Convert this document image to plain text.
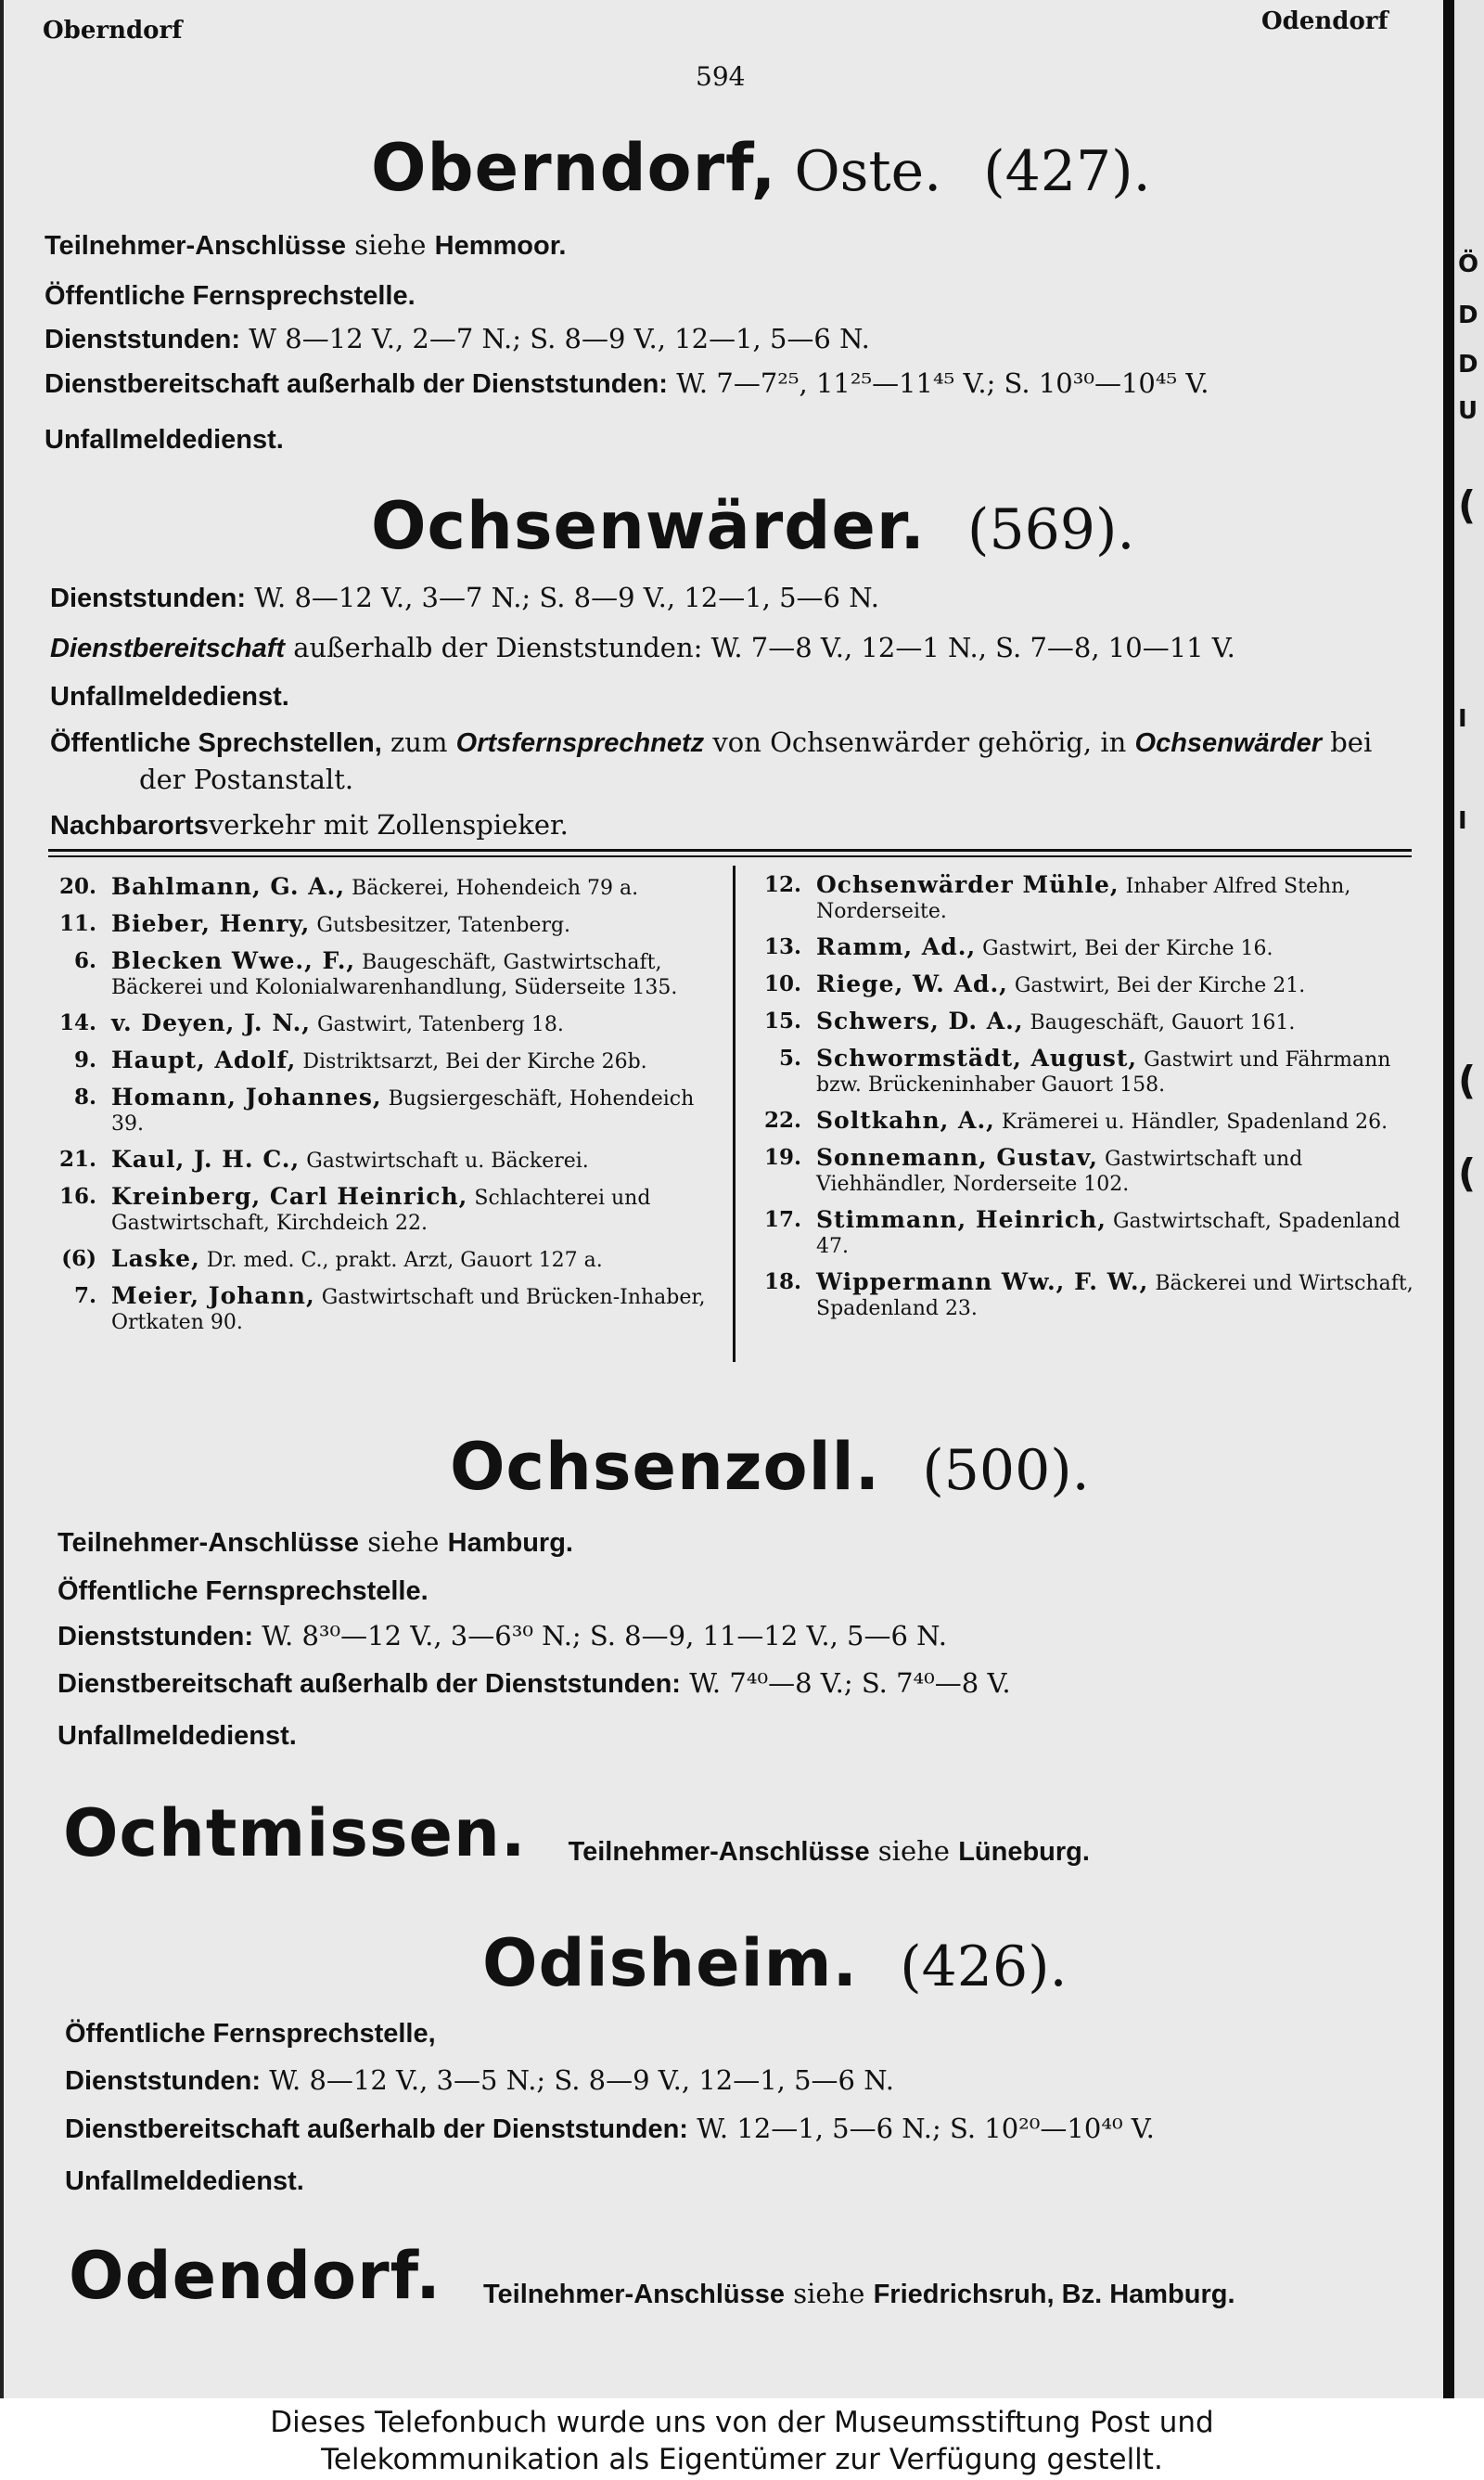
Ö
D
D
U
(
(
I
I
(
Oberndorf	Odendorf
594
Oberndorf, Oste. (427).
Teilnehmer-Anschlüsse siehe Hemmoor.
Öffentliche Fernsprechstelle.
Dienststunden: W 8—12 V., 2—7 N.; S. 8—9 V., 12—1, 5—6 N.
Dienstbereitschaft außerhalb der Dienststunden: W. 7—7²⁵, 11²⁵—11⁴⁵ V.; S. 10³⁰—10⁴⁵ V.
Unfallmeldedienst.
Ochsenwärder. (569).
Dienststunden: W. 8—12 V., 3—7 N.; S. 8—9 V., 12—1, 5—6 N.
Dienstbereitschaft außerhalb der Dienststunden: W. 7—8 V., 12—1 N., S. 7—8, 10—11 V.
Unfallmeldedienst.
Öffentliche Sprechstellen, zum Ortsfernsprechnetz von Ochsenwärder gehörig, in Ochsenwärder bei
der Postanstalt.
Nachbarortsverkehr mit Zollenspieker.
20. Bahlmann, G. A., Bäckerei, Hohendeich 79 a.
11. Bieber, Henry, Gutsbesitzer, Tatenberg.
6. Blecken Wwe., F., Baugeschäft, Gastwirtschaft, Bäckerei und Kolonialwarenhandlung, Süderseite 135.
14. v. Deyen, J. N., Gastwirt, Tatenberg 18.
9. Haupt, Adolf, Distriktsarzt, Bei der Kirche 26b.
8. Homann, Johannes, Bugsiergeschäft, Hohendeich 39.
21. Kaul, J. H. C., Gastwirtschaft u. Bäckerei.
16. Kreinberg, Carl Heinrich, Schlachterei und Gastwirtschaft, Kirchdeich 22.
(6) Laske, Dr. med. C., prakt. Arzt, Gauort 127 a.
7. Meier, Johann, Gastwirtschaft und Brücken-Inhaber, Ortkaten 90.
12. Ochsenwärder Mühle, Inhaber Alfred Stehn, Norderseite.
13. Ramm, Ad., Gastwirt, Bei der Kirche 16.
10. Riege, W. Ad., Gastwirt, Bei der Kirche 21.
15. Schwers, D. A., Baugeschäft, Gauort 161.
5. Schwormstädt, August, Gastwirt und Fährmann bzw. Brückeninhaber Gauort 158.
22. Soltkahn, A., Krämerei u. Händler, Spadenland 26.
19. Sonnemann, Gustav, Gastwirtschaft und Viehhändler, Norderseite 102.
17. Stimmann, Heinrich, Gastwirtschaft, Spadenland 47.
18. Wippermann Ww., F. W., Bäckerei und Wirtschaft, Spadenland 23.
Ochsenzoll. (500).
Teilnehmer-Anschlüsse siehe Hamburg.
Öffentliche Fernsprechstelle.
Dienststunden: W. 8³⁰—12 V., 3—6³⁰ N.; S. 8—9, 11—12 V., 5—6 N.
Dienstbereitschaft außerhalb der Dienststunden: W. 7⁴⁰—8 V.; S. 7⁴⁰—8 V.
Unfallmeldedienst.
Ochtmissen. Teilnehmer-Anschlüsse siehe Lüneburg.
Odisheim. (426).
Öffentliche Fernsprechstelle,
Dienststunden: W. 8—12 V., 3—5 N.; S. 8—9 V., 12—1, 5—6 N.
Dienstbereitschaft außerhalb der Dienststunden: W. 12—1, 5—6 N.; S. 10²⁰—10⁴⁰ V.
Unfallmeldedienst.
Odendorf. Teilnehmer-Anschlüsse siehe Friedrichsruh, Bz. Hamburg.
Dieses Telefonbuch wurde uns von der Museumsstiftung Post und
Telekommunikation als Eigentümer zur Verfügung gestellt.
